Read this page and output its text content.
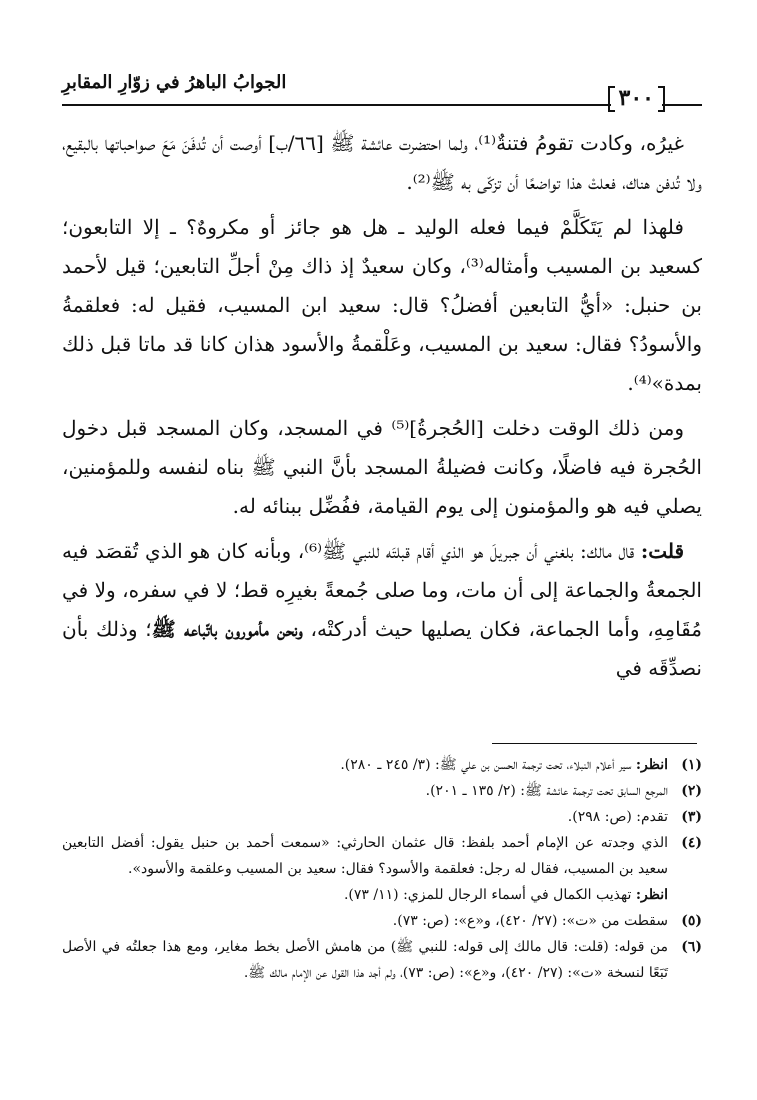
الجوابُ الباهرُ في زوّارِ المقابرِ
٣٠٠

غيرُه، وكادت تقومُ فتنةٌ⁽¹⁾، ولما احتضرت عائشة ﷺ [٦٦/ب] أوصت أن تُدفَنَ مَعَ صواحباتها بالبقيع، ولا تُدفن هناك، فعلتْ هذا تواضعًا أن تزكّى به ﷺ⁽²⁾.

فلهذا لم يَتَكَلَّمْ فيما فعله الوليد ـ هل هو جائز أو مكروهٌ؟ ـ إلا التابعون؛ كسعيد بن المسيب وأمثاله⁽³⁾، وكان سعيدٌ إذ ذاك مِنْ أجلِّ التابعين؛ قيل لأحمد بن حنبل: «أيُّ التابعين أفضلُ؟ قال: سعيد ابن المسيب، فقيل له: فعلقمةُ والأسودُ؟ فقال: سعيد بن المسيب، وعَلْقمةُ والأسود هذان كانا قد ماتا قبل ذلك بمدة»⁽⁴⁾.

ومن ذلك الوقت دخلت [الحُجرةُ]⁽⁵⁾ في المسجد، وكان المسجد قبل دخول الحُجرة فيه فاضلًا، وكانت فضيلةُ المسجد بأنَّ النبي ﷺ بناه لنفسه وللمؤمنين، يصلي فيه هو والمؤمنون إلى يوم القيامة، ففُضِّل ببنائه له.

قلت: قال مالك: بلغني أن جبريلَ هو الذي أقام قبلتَه للنبي ﷺ⁽⁶⁾، وبأنه كان هو الذي تُقصَد فيه الجمعةُ والجماعة إلى أن مات، وما صلى جُمعةً بغيرِه قط؛ لا في سفره، ولا في مُقَامِهِ، وأما الجماعة، فكان يصليها حيث أدركتْه، ونحن مأمورون باتّباعه ﷺ؛ وذلك بأن نصدِّقَه في

(١)
انظر: سير أعلام النبلاء، تحت ترجمة الحسن بن علي ﷺ: (٣/ ٢٤٥ ـ ٢٨٠).
(٢)
المرجع السابق تحت ترجمة عائشة ﷺ: (٢/ ١٣٥ ـ ٢٠١).
(٣)
تقدم: (ص: ٢٩٨).
(٤)
الذي وجدته عن الإمام أحمد بلفظ: قال عثمان الحارثي: «سمعت أحمد بن حنبل يقول: أفضل التابعين سعيد بن المسيب، فقال له رجل: فعلقمة والأسود؟ فقال: سعيد بن المسيب وعلقمة والأسود».
انظر: تهذيب الكمال في أسماء الرجال للمزي: (١١/ ٧٣).
(٥)
سقطت من «ت»: (٢٧/ ٤٢٠)، و«ع»: (ص: ٧٣).
(٦)
من قوله: (قلت: قال مالك إلى قوله: للنبي ﷺ) من هامش الأصل بخط مغاير، ومع هذا جعلتُه في الأصل تَبَعًا لنسخة «ت»: (٢٧/ ٤٢٠)، و«ع»: (ص: ٧٣)، ولم أجد هذا القول عن الإمام مالك ﷺ.
